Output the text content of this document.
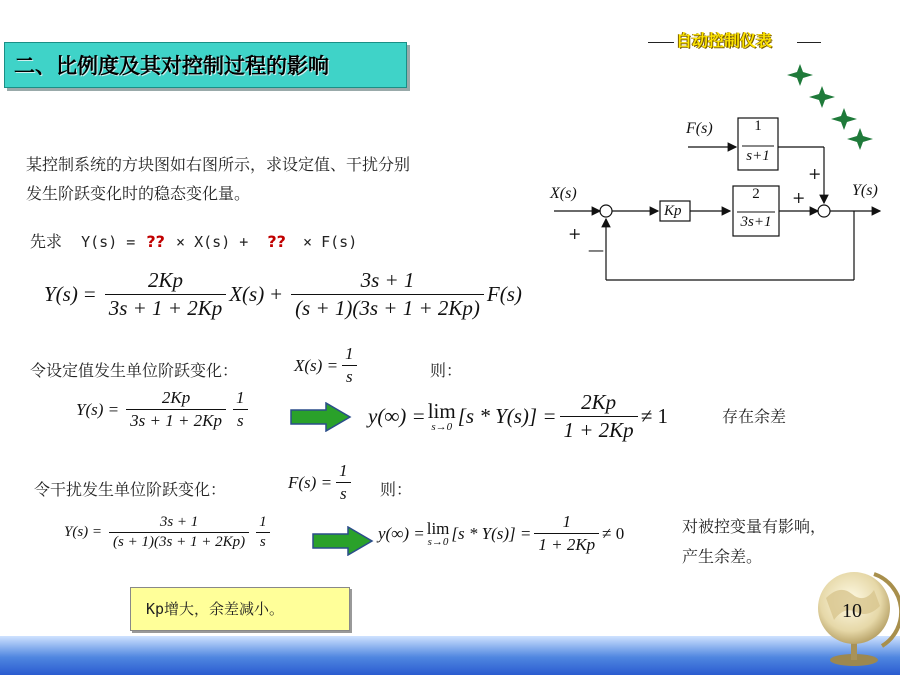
自动控制仪表
二、比例度及其对控制过程的影响
某控制系统的方块图如右图所示，求设定值、干扰分别
发生阶跃变化时的稳态变化量。
先求 Y(s) = ?? × X(s) + ?? × F(s)
$Y(s) = \frac{2Kp}{3s + 1 + 2Kp} X(s) + \frac{3s + 1}{(s + 1)(3s + 1 + 2Kp)} F(s)$
令设定值发生单位阶跃变化：	$X(s) = \frac{1}{s}$	则：
$Y(s) = \frac{2Kp}{3s + 1 + 2Kp} \frac{1}{s}$	y(∞) = lim
s→0 $[s * Y(s)] = \frac{2Kp}{1 + 2Kp} \ne 1$	存在余差
令干扰发生单位阶跃变化：	$F(s) = \frac{1}{s}$ 则：
$Y(s) = \frac{3s + 1}{(s + 1)(3s + 1 + 2Kp)} \frac{1}{s}$	y(∞) = lim
s→0 $[s * Y(s)] = \frac{1}{1 + 2Kp} \ne 0$	对被控变量有影响，
产生余差。
F(s)
X(s)	Y(s)
Kp
1
s+1
2
3s+1
+
+
+
—
Kp增大，余差减小。	10
